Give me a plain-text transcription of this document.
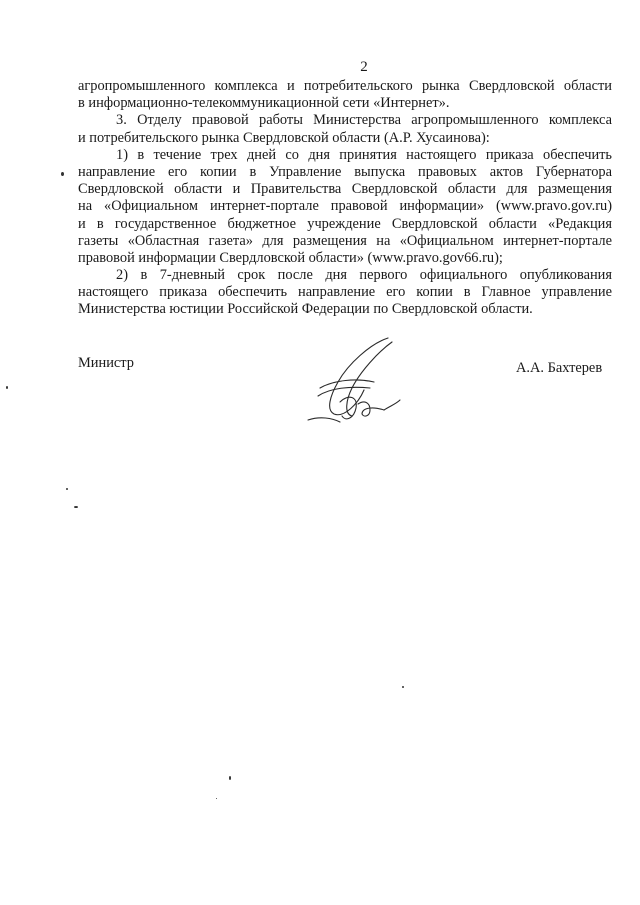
2
агропромышленного комплекса и потребительского рынка Свердловской области
в информационно-телекоммуникационной сети «Интернет».
3. Отделу правовой работы Министерства агропромышленного комплекса
и потребительского рынка Свердловской области (А.Р. Хусаинова):
1) в течение трех дней со дня принятия настоящего приказа обеспечить
направление его копии в Управление выпуска правовых актов Губернатора
Свердловской области и Правительства Свердловской области для размещения
на «Официальном интернет-портале правовой информации» (www.pravo.gov.ru)
и в государственное бюджетное учреждение Свердловской области «Редакция
газеты «Областная газета» для размещения на «Официальном интернет-портале
правовой информации Свердловской области» (www.pravo.gov66.ru);
2) в 7-дневный срок после дня первого официального опубликования
настоящего приказа обеспечить направление его копии в Главное управление
Министерства юстиции Российской Федерации по Свердловской области.
Министр	А.А. Бахтерев
